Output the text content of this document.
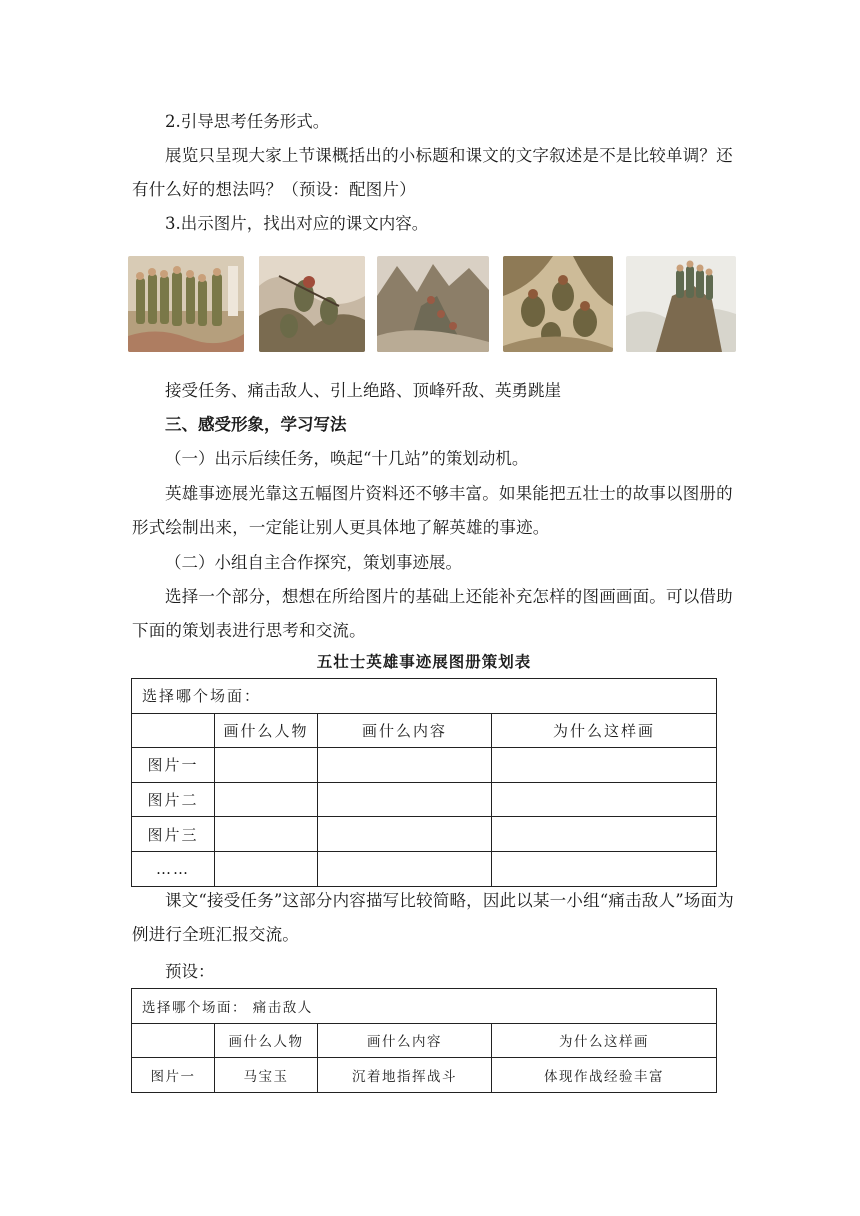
2.引导思考任务形式。
展览只呈现大家上节课概括出的小标题和课文的文字叙述是不是比较单调？还有什么好的想法吗？（预设：配图片）
3.出示图片，找出对应的课文内容。
接受任务、痛击敌人、引上绝路、顶峰歼敌、英勇跳崖
三、感受形象，学习写法
（一）出示后续任务，唤起“十几站”的策划动机。
英雄事迹展光靠这五幅图片资料还不够丰富。如果能把五壮士的故事以图册的形式绘制出来，一定能让别人更具体地了解英雄的事迹。
（二）小组自主合作探究，策划事迹展。
选择一个部分，想想在所给图片的基础上还能补充怎样的图画画面。可以借助下面的策划表进行思考和交流。
五壮士英雄事迹展图册策划表
选择哪个场面：			
	画什么人物	画什么内容	为什么这样画
图片一			
图片二			
图片三			
……			
课文“接受任务”这部分内容描写比较简略，因此以某一小组“痛击敌人”场面为例进行全班汇报交流。
预设：
选择哪个场面： 痛击敌人			
	画什么人物	画什么内容	为什么这样画
图片一	马宝玉	沉着地指挥战斗	体现作战经验丰富
